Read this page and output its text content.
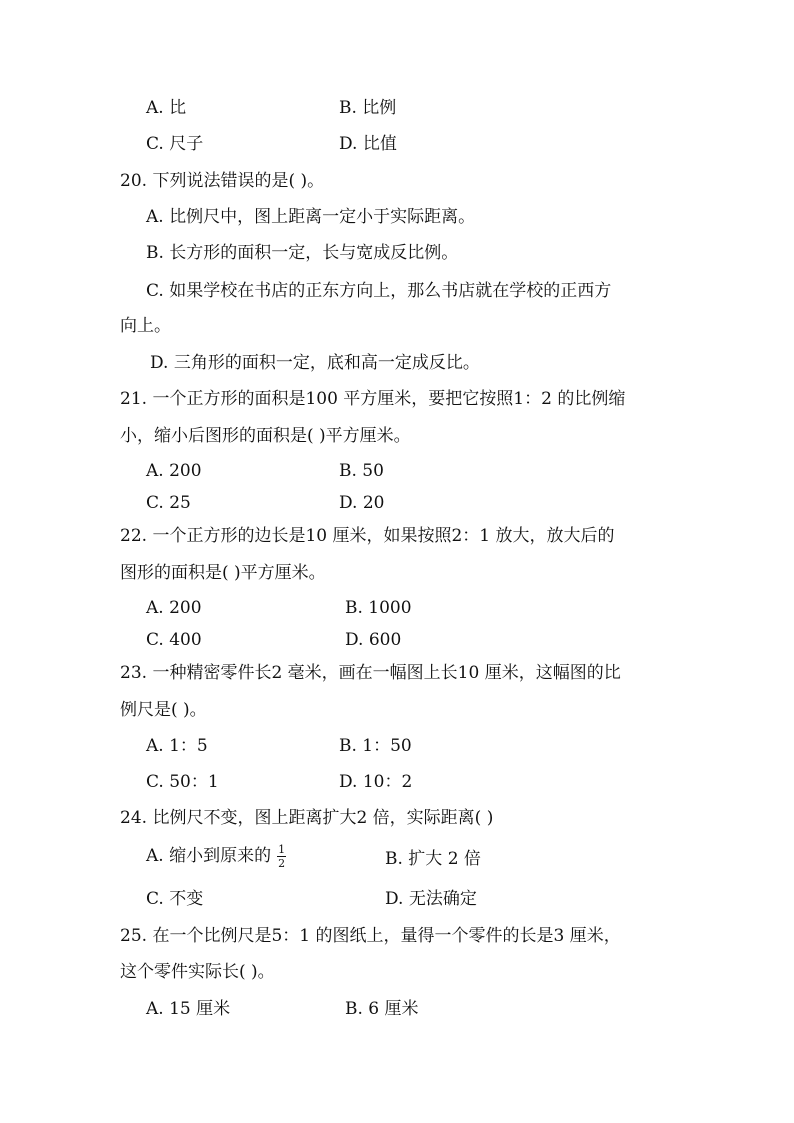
A. 比	B. 比例
C. 尺子	D. 比值
20. 下列说法错误的是( )。
A. 比例尺中，图上距离一定小于实际距离。
B. 长方形的面积一定，长与宽成反比例。
C. 如果学校在书店的正东方向上，那么书店就在学校的正西方
向上。
D. 三角形的面积一定，底和高一定成反比。
21. 一个正方形的面积是100 平方厘米，要把它按照1：2 的比例缩
小，缩小后图形的面积是( )平方厘米。
A. 200	B. 50
C. 25	D. 20
22. 一个正方形的边长是10 厘米，如果按照2：1 放大，放大后的
图形的面积是( )平方厘米。
A. 200	B. 1000
C. 400	D. 600
23. 一种精密零件长2 毫米，画在一幅图上长10 厘米，这幅图的比
例尺是( )。
A. 1：5	B. 1：50
C. 50：1	D. 10：2
24. 比例尺不变，图上距离扩大2 倍，实际距离( )
A. 缩小到原来的 $\frac{1}{2}$	B. 扩大 2 倍
C. 不变	D. 无法确定
25. 在一个比例尺是5：1 的图纸上，量得一个零件的长是3 厘米，
这个零件实际长( )。
A. 15 厘米	B. 6 厘米
